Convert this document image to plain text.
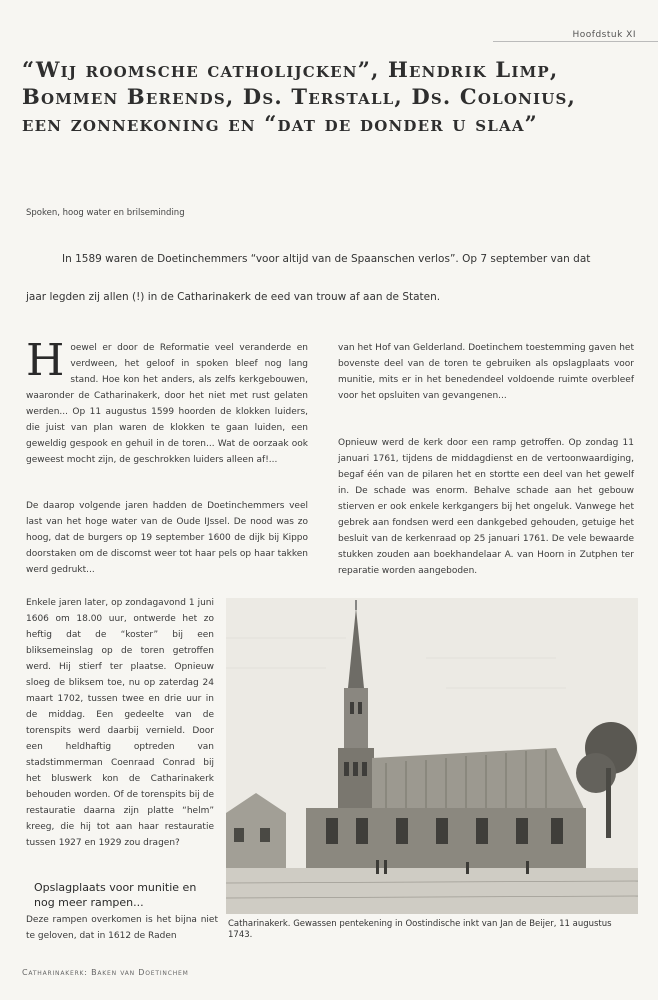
Hoofdstuk XI
“Wij roomsche catholijcken”, Hendrik Limp,
Bommen Berends, Ds. Terstall, Ds. Colonius,
een zonnekoning en “dat de donder u slaa”
Spoken, hoog water en brilseminding
In 1589 waren de Doetinchemmers “voor altijd van de Spaanschen verlos”. Op 7 september van dat
jaar legden zij allen (!) in de Catharinakerk de eed van trouw af aan de Staten.
H oewel er door de Reformatie veel veranderde en verdween, het geloof in spoken bleef nog lang stand. Hoe kon het anders, als zelfs kerkgebouwen, waaronder de Catharinakerk, door het niet met rust gelaten werden... Op 11 augustus 1599 hoorden de klokken luiders, die juist van plan waren de klokken te gaan luiden, een geweldig gespook en gehuil in de toren... Wat de oorzaak ook geweest mocht zijn, de geschrokken luiders alleen af!...
De daarop volgende jaren hadden de Doetinchemmers veel last van het hoge water van de Oude IJssel. De nood was zo hoog, dat de burgers op 19 september 1600 de dijk bij Kippo doorstaken om de discomst weer tot haar pels op haar takken werd gedrukt...
Enkele jaren later, op zondagavond 1 juni 1606 om 18.00 uur, ontwerde het zo heftig dat de “koster” bij een bliksemeinslag op de toren getroffen werd. Hij stierf ter plaatse. Opnieuw sloeg de bliksem toe, nu op zaterdag 24 maart 1702, tussen twee en drie uur in de middag. Een gedeelte van de torenspits werd daarbij vernield. Door een heldhaftig optreden van stadstimmerman Coenraad Conrad bij het bluswerk kon de Catharinakerk behouden worden. Of de torenspits bij de restauratie daarna zijn platte “helm” kreeg, die hij tot aan haar restauratie tussen 1927 en 1929 zou dragen?
van het Hof van Gelderland. Doetinchem toestemming gaven het bovenste deel van de toren te gebruiken als opslagplaats voor munitie, mits er in het benedendeel voldoende ruimte overbleef voor het opsluiten van gevangenen...
Opnieuw werd de kerk door een ramp getroffen. Op zondag 11 januari 1761, tijdens de middagdienst en de vertoonwaardiging, begaf één van de pilaren het en stortte een deel van het gewelf in. De schade was enorm. Behalve schade aan het gebouw stierven er ook enkele kerkgangers bij het ongeluk. Vanwege het gebrek aan fondsen werd een dankgebed gehouden, getuige het besluit van de kerkenraad op 25 januari 1761. De vele bewaarde stukken zouden aan boekhandelaar A. van Hoorn in Zutphen ter reparatie worden aangeboden.
Opslagplaats voor munitie en nog meer rampen...
Deze rampen overkomen is het bijna niet te geloven, dat in 1612 de Raden
Catharinakerk. Gewassen pentekening in Oostindische inkt van Jan de Beijer, 11 augustus 1743.
Catharinakerk: Baken van Doetinchem
